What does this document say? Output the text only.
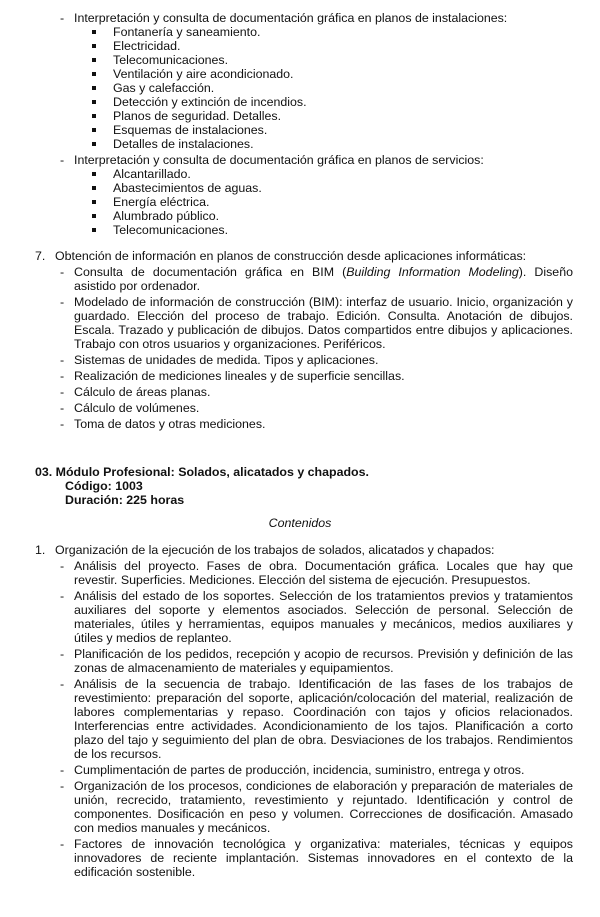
- Interpretación y consulta de documentación gráfica en planos de instalaciones:
Fontanería y saneamiento.
Electricidad.
Telecomunicaciones.
Ventilación y aire acondicionado.
Gas y calefacción.
Detección y extinción de incendios.
Planos de seguridad. Detalles.
Esquemas de instalaciones.
Detalles de instalaciones.
- Interpretación y consulta de documentación gráfica en planos de servicios:
Alcantarillado.
Abastecimientos de aguas.
Energía eléctrica.
Alumbrado público.
Telecomunicaciones.
7. Obtención de información en planos de construcción desde aplicaciones informáticas:
- Consulta de documentación gráfica en BIM (Building Information Modeling). Diseño asistido por ordenador.
- Modelado de información de construcción (BIM): interfaz de usuario. Inicio, organización y guardado. Elección del proceso de trabajo. Edición. Consulta. Anotación de dibujos. Escala. Trazado y publicación de dibujos. Datos compartidos entre dibujos y aplicaciones. Trabajo con otros usuarios y organizaciones. Periféricos.
- Sistemas de unidades de medida. Tipos y aplicaciones.
- Realización de mediciones lineales y de superficie sencillas.
- Cálculo de áreas planas.
- Cálculo de volúmenes.
- Toma de datos y otras mediciones.
03. Módulo Profesional: Solados, alicatados y chapados.
Código: 1003
Duración: 225 horas
Contenidos
1. Organización de la ejecución de los trabajos de solados, alicatados y chapados:
- Análisis del proyecto. Fases de obra. Documentación gráfica. Locales que hay que revestir. Superficies. Mediciones. Elección del sistema de ejecución. Presupuestos.
- Análisis del estado de los soportes. Selección de los tratamientos previos y tratamientos auxiliares del soporte y elementos asociados. Selección de personal. Selección de materiales, útiles y herramientas, equipos manuales y mecánicos, medios auxiliares y útiles y medios de replanteo.
- Planificación de los pedidos, recepción y acopio de recursos. Previsión y definición de las zonas de almacenamiento de materiales y equipamientos.
- Análisis de la secuencia de trabajo. Identificación de las fases de los trabajos de revestimiento: preparación del soporte, aplicación/colocación del material, realización de labores complementarias y repaso. Coordinación con tajos y oficios relacionados. Interferencias entre actividades. Acondicionamiento de los tajos. Planificación a corto plazo del tajo y seguimiento del plan de obra. Desviaciones de los trabajos. Rendimientos de los recursos.
- Cumplimentación de partes de producción, incidencia, suministro, entrega y otros.
- Organización de los procesos, condiciones de elaboración y preparación de materiales de unión, recrecido, tratamiento, revestimiento y rejuntado. Identificación y control de componentes. Dosificación en peso y volumen. Correcciones de dosificación. Amasado con medios manuales y mecánicos.
- Factores de innovación tecnológica y organizativa: materiales, técnicas y equipos innovadores de reciente implantación. Sistemas innovadores en el contexto de la edificación sostenible.
